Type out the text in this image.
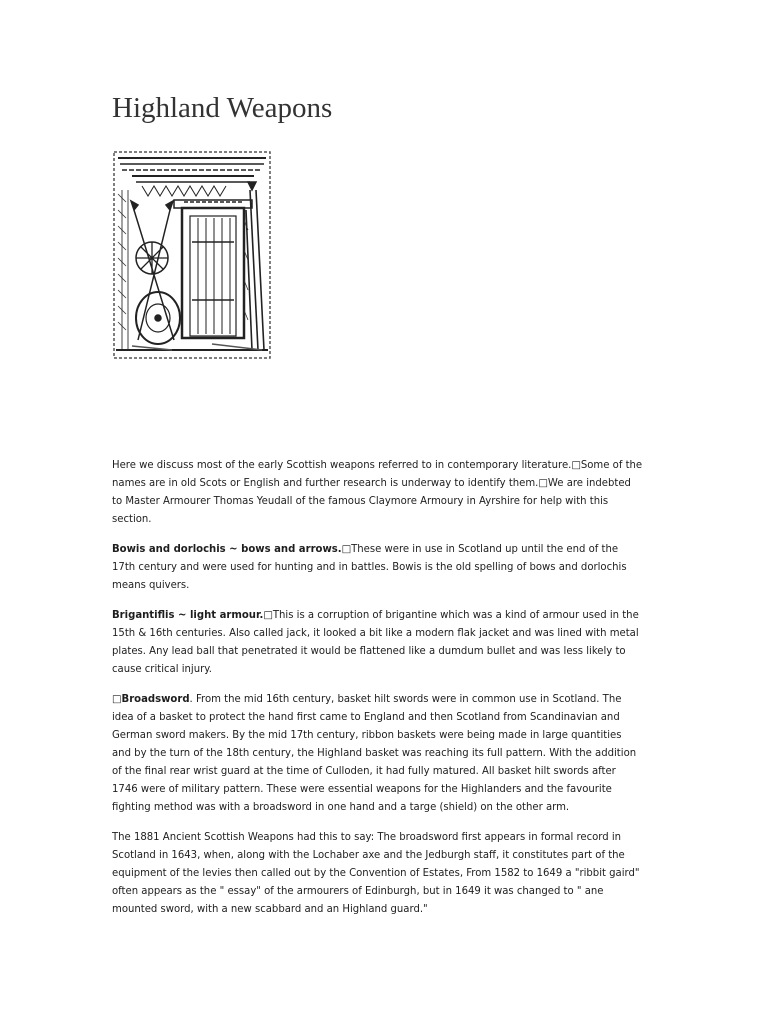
Highland Weapons

Here we discuss most of the early Scottish weapons referred to in contemporary literature.□Some of the names are in old Scots or English and further research is underway to identify them.□We are indebted to Master Armourer Thomas Yeudall of the famous Claymore Armoury in Ayrshire for help with this section.

Bowis and dorlochis ~ bows and arrows.□These were in use in Scotland up until the end of the 17th century and were used for hunting and in battles. Bowis is the old spelling of bows and dorlochis means quivers.

Brigantiflis ~ light armour.□This is a corruption of brigantine which was a kind of armour used in the 15th & 16th centuries. Also called jack, it looked a bit like a modern flak jacket and was lined with metal plates. Any lead ball that penetrated it would be flattened like a dumdum bullet and was less likely to cause critical injury.

□Broadsword. From the mid 16th century, basket hilt swords were in common use in Scotland. The idea of a basket to protect the hand first came to England and then Scotland from Scandinavian and German sword makers. By the mid 17th century, ribbon baskets were being made in large quantities and by the turn of the 18th century, the Highland basket was reaching its full pattern. With the addition of the final rear wrist guard at the time of Culloden, it had fully matured. All basket hilt swords after 1746 were of military pattern. These were essential weapons for the Highlanders and the favourite fighting method was with a broadsword in one hand and a targe (shield) on the other arm.

The 1881 Ancient Scottish Weapons had this to say: The broadsword first appears in formal record in Scotland in 1643, when, along with the Lochaber axe and the Jedburgh staff, it constitutes part of the equipment of the levies then called out by the Convention of Estates, From 1582 to 1649 a "ribbit gaird" often appears as the " essay" of the armourers of Edinburgh, but in 1649 it was changed to " ane mounted sword, with a new scabbard and an Highland guard."
